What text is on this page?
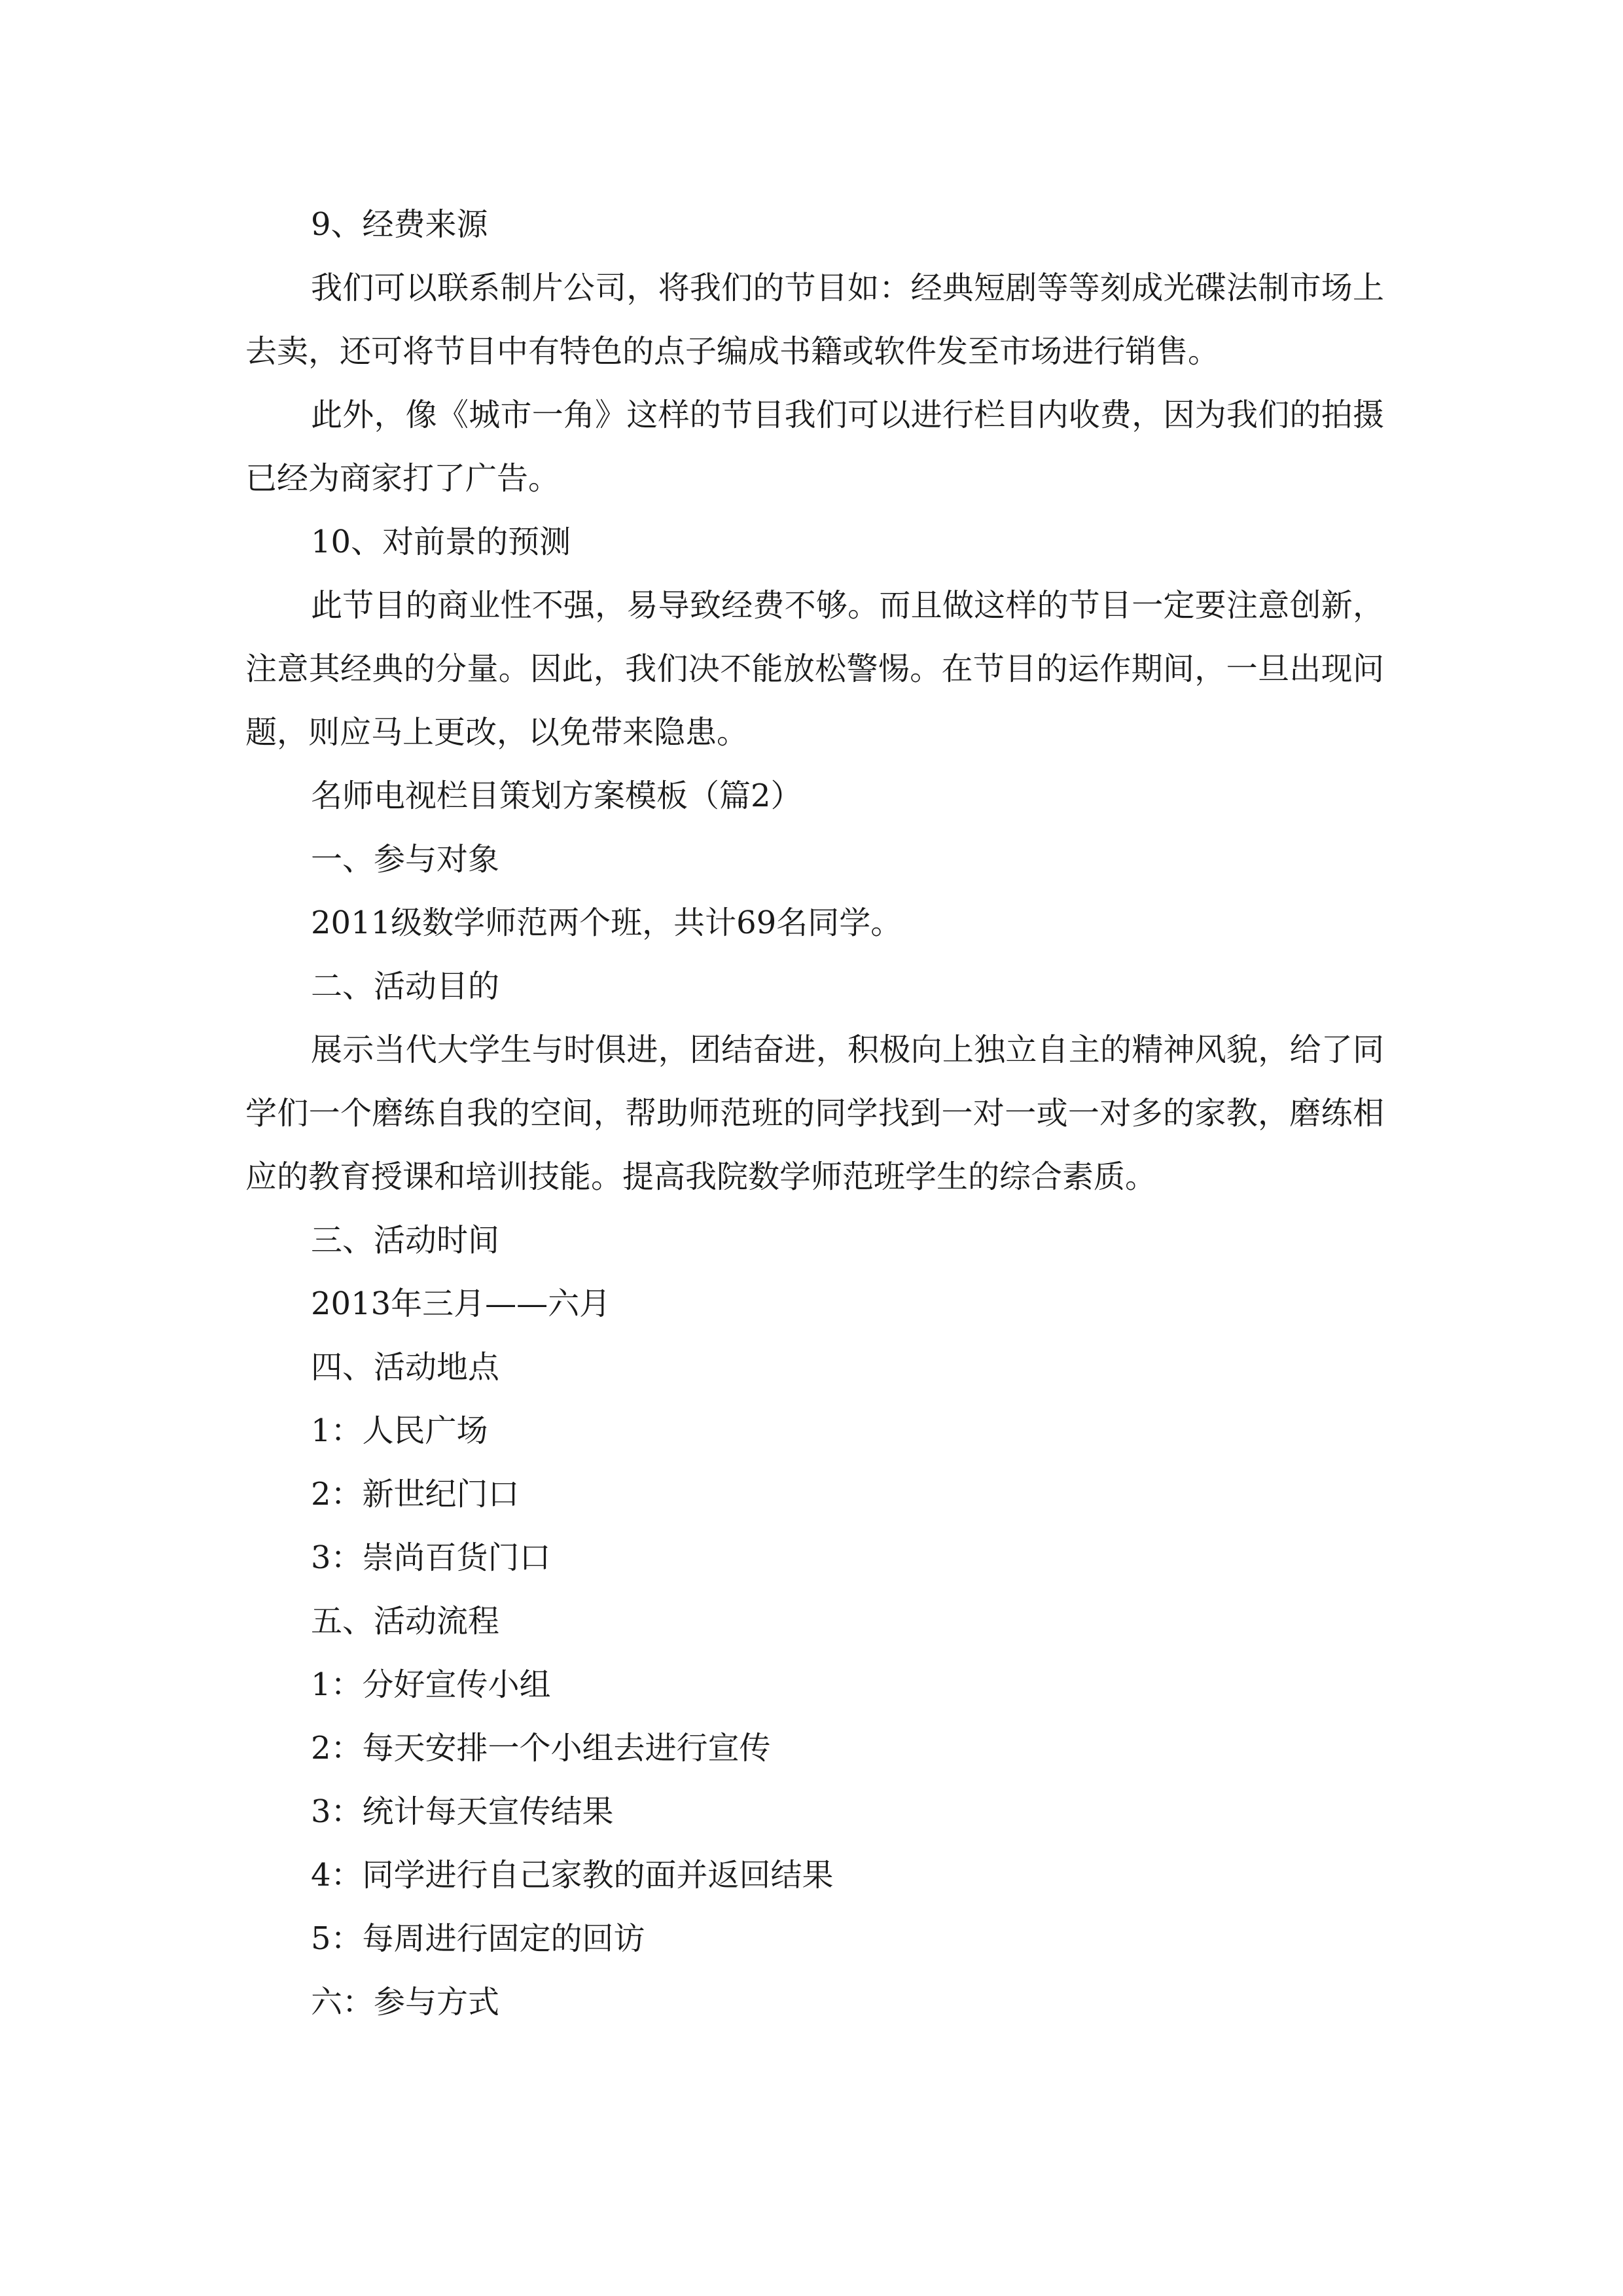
9、经费来源

我们可以联系制片公司，将我们的节目如：经典短剧等等刻成光碟法制市场上去卖，还可将节目中有特色的点子编成书籍或软件发至市场进行销售。

此外，像《城市一角》这样的节目我们可以进行栏目内收费，因为我们的拍摄已经为商家打了广告。

10、对前景的预测

此节目的商业性不强，易导致经费不够。而且做这样的节目一定要注意创新，注意其经典的分量。因此，我们决不能放松警惕。在节目的运作期间，一旦出现问题，则应马上更改，以免带来隐患。

名师电视栏目策划方案模板（篇2）

一、参与对象

2011级数学师范两个班，共计69名同学。

二、活动目的

展示当代大学生与时俱进，团结奋进，积极向上独立自主的精神风貌，给了同学们一个磨练自我的空间，帮助师范班的同学找到一对一或一对多的家教，磨练相应的教育授课和培训技能。提高我院数学师范班学生的综合素质。

三、活动时间

2013年三月——六月

四、活动地点

1：人民广场

2：新世纪门口

3：崇尚百货门口

五、活动流程

1：分好宣传小组

2：每天安排一个小组去进行宣传

3：统计每天宣传结果

4：同学进行自己家教的面并返回结果

5：每周进行固定的回访

六：参与方式
